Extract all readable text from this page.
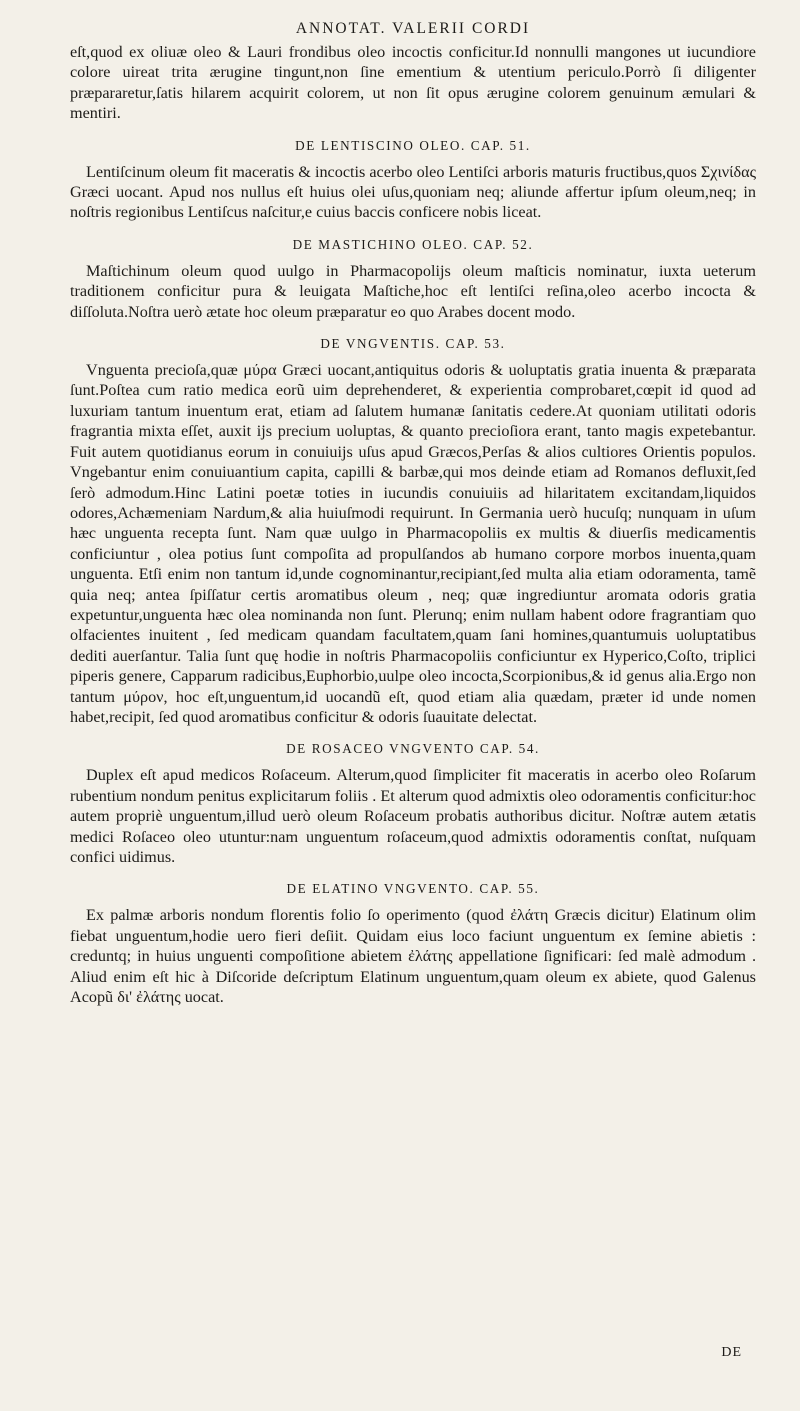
ANNOTAT. VALERII CORDI

eſt,quod ex oliuæ oleo & Lauri frondibus oleo incoctis conficitur.Id nonnulli mangones ut iucundiore colore uireat trita ærugine tingunt,non ſine ementium & utentium periculo.Porrò ſi diligenter præpararetur,ſatis hilarem acquirit colorem, ut non ſit opus ærugine colorem genuinum æmulari & mentiri.

DE LENTISCINO OLEO. CAP. 51.

Lentiſcinum oleum fit maceratis & incoctis acerbo oleo Lentiſci arboris maturis fructibus,quos Σχινίδας Græci uocant. Apud nos nullus eſt huius olei uſus,quoniam neq; aliunde affertur ipſum oleum,neq; in noſtris regionibus Lentiſcus naſcitur,e cuius baccis conficere nobis liceat.

DE MASTICHINO OLEO. CAP. 52.

Maſtichinum oleum quod uulgo in Pharmacopolijs oleum maſticis nominatur, iuxta ueterum traditionem conficitur pura & leuigata Maſtiche,hoc eſt lentiſci reſina,oleo acerbo incocta & diſſoluta.Noſtra uerò ætate hoc oleum præparatur eo quo Arabes docent modo.

DE VNGVENTIS. CAP. 53.

Vnguenta precioſa,quæ μύρα Græci uocant,antiquitus odoris & uoluptatis gratia inuenta & præparata ſunt.Poſtea cum ratio medica eorũ uim deprehenderet, & experientia comprobaret,cœpit id quod ad luxuriam tantum inuentum erat, etiam ad ſalutem humanæ ſanitatis cedere.At quoniam utilitati odoris fragrantia mixta eſſet, auxit ijs precium uoluptas, & quanto precioſiora erant, tanto magis expetebantur. Fuit autem quotidianus eorum in conuiuijs uſus apud Græcos,Perſas & alios cultiores Orientis populos. Vngebantur enim conuiuantium capita, capilli & barbæ,qui mos deinde etiam ad Romanos defluxit,ſed ſerò admodum.Hinc Latini poetæ toties in iucundis conuiuiis ad hilaritatem excitandam,liquidos odores,Achæmeniam Nardum,& alia huiuſmodi requirunt. In Germania uerò hucuſq; nunquam in uſum hæc unguenta recepta ſunt. Nam quæ uulgo in Pharmacopoliis ex multis & diuerſis medicamentis conficiuntur , olea potius ſunt compoſita ad propulſandos ab humano corpore morbos inuenta,quam unguenta. Etſi enim non tantum id,unde cognominantur,recipiant,ſed multa alia etiam odoramenta, tamẽ quia neq; antea ſpiſſatur certis aromatibus oleum , neq; quæ ingrediuntur aromata odoris gratia expetuntur,unguenta hæc olea nominanda non ſunt. Plerunq; enim nullam habent odore fragrantiam quo olfacientes inuitent , ſed medicam quandam facultatem,quam ſani homines,quantumuis uoluptatibus dediti auerſantur. Talia ſunt quę hodie in noſtris Pharmacopoliis conficiuntur ex Hyperico,Coſto, triplici piperis genere, Capparum radicibus,Euphorbio,uulpe oleo incocta,Scorpionibus,& id genus alia.Ergo non tantum μύρον, hoc eſt,unguentum,id uocandũ eſt, quod etiam alia quædam, præter id unde nomen habet,recipit, ſed quod aromatibus conficitur & odoris ſuauitate delectat.

DE ROSACEO VNGVENTO CAP. 54.

Duplex eſt apud medicos Roſaceum. Alterum,quod ſimpliciter fit maceratis in acerbo oleo Roſarum rubentium nondum penitus explicitarum foliis . Et alterum quod admixtis oleo odoramentis conficitur:hoc autem propriè unguentum,illud uerò oleum Roſaceum probatis authoribus dicitur. Noſtræ autem ætatis medici Roſaceo oleo utuntur:nam unguentum roſaceum,quod admixtis odoramentis conſtat, nuſquam confici uidimus.

DE ELATINO VNGVENTO. CAP. 55.

Ex palmæ arboris nondum florentis folio ſo operimento (quod ἐλάτη Græcis dicitur) Elatinum olim fiebat unguentum,hodie uero fieri deſiit. Quidam eius loco faciunt unguentum ex ſemine abietis : creduntq; in huius unguenti compoſitione abietem ἐλάτης appellatione ſignificari: ſed malè admodum . Aliud enim eſt hic à Diſcoride deſcriptum Elatinum unguentum,quam oleum ex abiete, quod Galenus Acopũ δι' ἐλάτης uocat.

DE
